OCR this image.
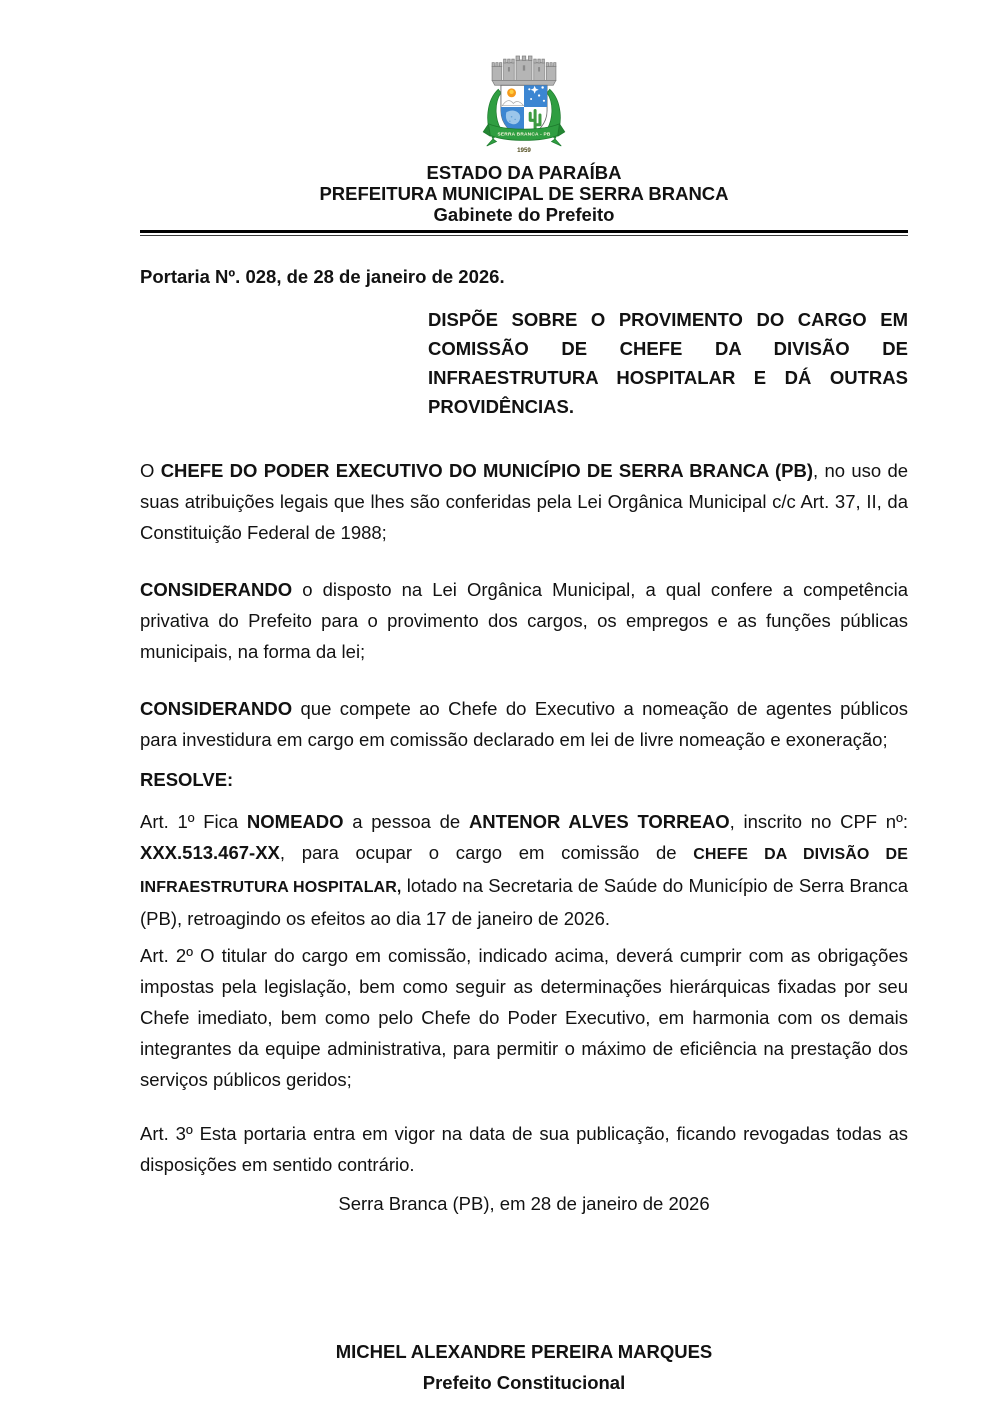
SERRA BRANCA - PB
1959
ESTADO DA PARAÍBA
PREFEITURA MUNICIPAL DE SERRA BRANCA
Gabinete do Prefeito

Portaria Nº. 028, de 28 de janeiro de 2026.

DISPÕE SOBRE O PROVIMENTO DO CARGO EM COMISSÃO DE CHEFE DA DIVISÃO DE INFRAESTRUTURA HOSPITALAR E DÁ OUTRAS PROVIDÊNCIAS.

O CHEFE DO PODER EXECUTIVO DO MUNICÍPIO DE SERRA BRANCA (PB), no uso de suas atribuições legais que lhes são conferidas pela Lei Orgânica Municipal c/c Art. 37, II, da Constituição Federal de 1988;

CONSIDERANDO o disposto na Lei Orgânica Municipal, a qual confere a competência privativa do Prefeito para o provimento dos cargos, os empregos e as funções públicas municipais, na forma da lei;

CONSIDERANDO que compete ao Chefe do Executivo a nomeação de agentes públicos para investidura em cargo em comissão declarado em lei de livre nomeação e exoneração;

RESOLVE:

Art. 1º Fica NOMEADO a pessoa de ANTENOR ALVES TORREAO, inscrito no CPF nº: XXX.513.467-XX, para ocupar o cargo em comissão de CHEFE DA DIVISÃO DE INFRAESTRUTURA HOSPITALAR, lotado na Secretaria de Saúde do Município de Serra Branca (PB), retroagindo os efeitos ao dia 17 de janeiro de 2026.

Art. 2º O titular do cargo em comissão, indicado acima, deverá cumprir com as obrigações impostas pela legislação, bem como seguir as determinações hierárquicas fixadas por seu Chefe imediato, bem como pelo Chefe do Poder Executivo, em harmonia com os demais integrantes da equipe administrativa, para permitir o máximo de eficiência na prestação dos serviços públicos geridos;

Art. 3º Esta portaria entra em vigor na data de sua publicação, ficando revogadas todas as disposições em sentido contrário.

Serra Branca (PB), em 28 de janeiro de 2026

MICHEL ALEXANDRE PEREIRA MARQUES

Prefeito Constitucional
